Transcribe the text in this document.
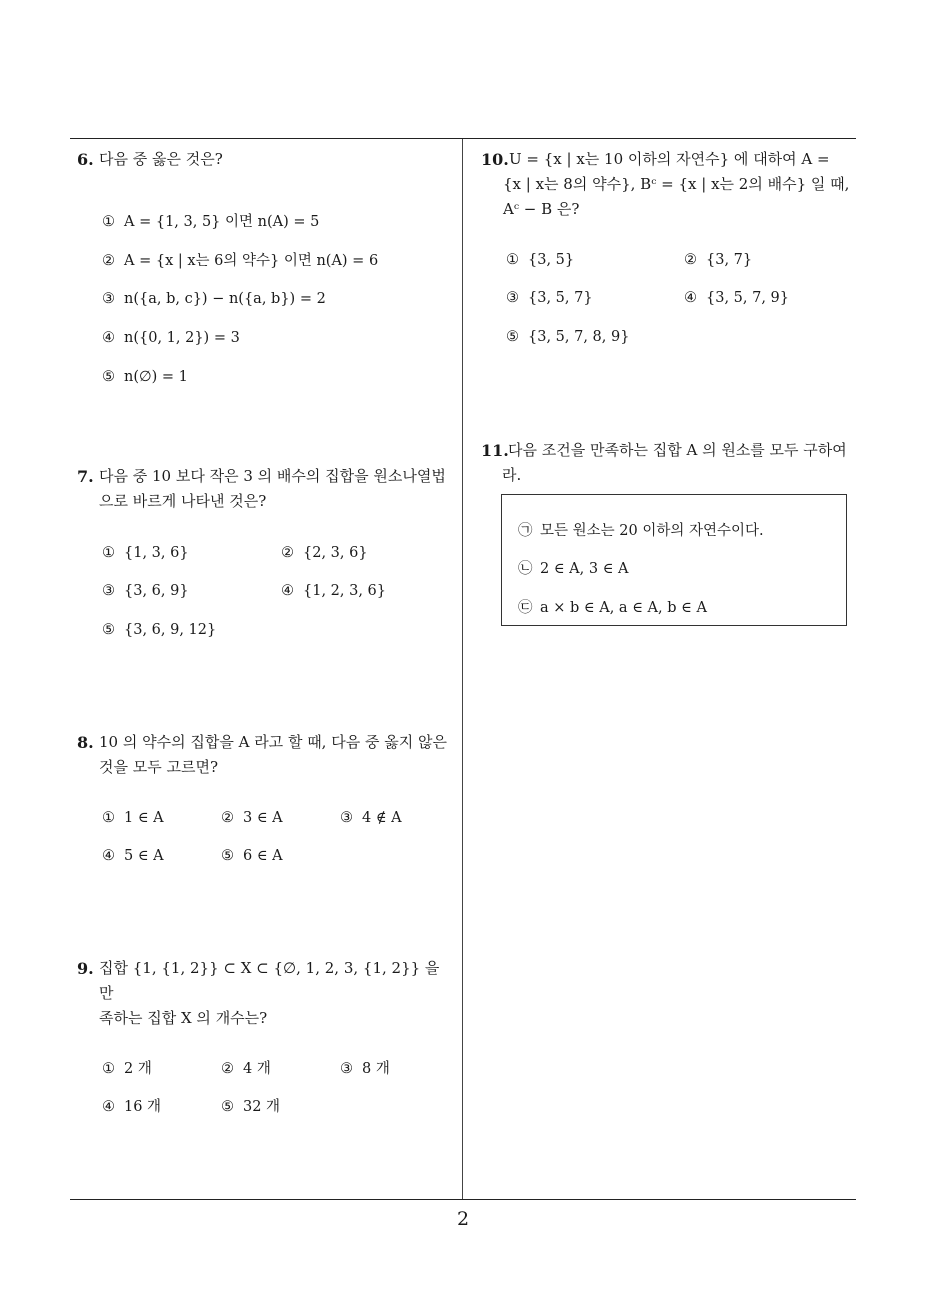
6. 다음 중 옳은 것은?
① A = {1, 3, 5} 이면 n(A) = 5
② A = {x | x는 6의 약수} 이면 n(A) = 6
③ n({a, b, c}) − n({a, b}) = 2
④ n({0, 1, 2}) = 3
⑤ n(∅) = 1
7. 다음 중 10 보다 작은 3 의 배수의 집합을 원소나열법
으로 바르게 나타낸 것은?
① {1, 3, 6}	② {2, 3, 6}
③ {3, 6, 9}	④ {1, 2, 3, 6}
⑤ {3, 6, 9, 12}
8. 10 의 약수의 집합을 A 라고 할 때, 다음 중 옳지 않은
것을 모두 고르면?
① 1 ∈ A	② 3 ∈ A	③ 4 ∉ A
④ 5 ∈ A	⑤ 6 ∈ A
9. 집합 {1, {1, 2}} ⊂ X ⊂ {∅, 1, 2, 3, {1, 2}} 을 만
족하는 집합 X 의 개수는?
① 2 개	② 4 개	③ 8 개
④ 16 개	⑤ 32 개
10. U = {x | x는 10 이하의 자연수} 에 대하여 A =
{x | x는 8의 약수}, Bᶜ = {x | x는 2의 배수} 일 때,
Aᶜ − B 은?
① {3, 5}	② {3, 7}
③ {3, 5, 7}	④ {3, 5, 7, 9}
⑤ {3, 5, 7, 8, 9}
11. 다음 조건을 만족하는 집합 A 의 원소를 모두 구하여
라.
㉠ 모든 원소는 20 이하의 자연수이다.
㉡ 2 ∈ A, 3 ∈ A
㉢ a × b ∈ A, a ∈ A, b ∈ A
2
